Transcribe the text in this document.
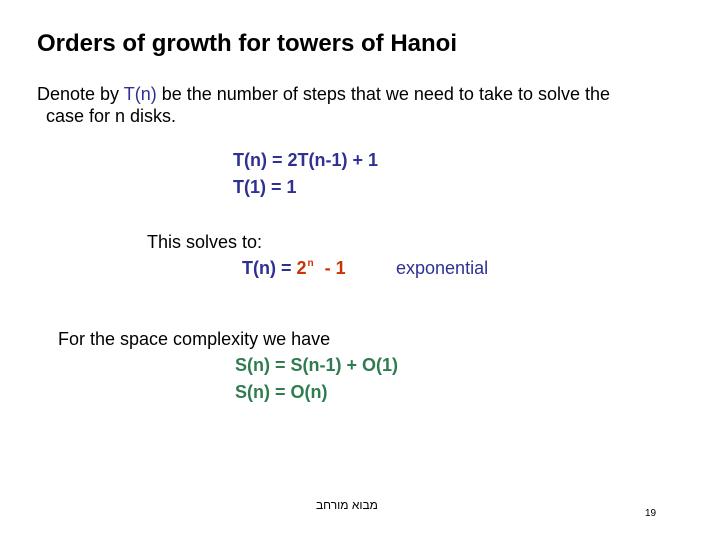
Orders of growth for towers of Hanoi
Denote by T(n) be the number of steps that we need to take to solve the
case for n disks.
T(n) = 2T(n-1) + 1
T(1) = 1
This solves to:
$T(n) = 2^n - 1$	exponential
For the space complexity we have
S(n) = S(n-1) + O(1)
S(n) = O(n)
מבוא מורחב
19
